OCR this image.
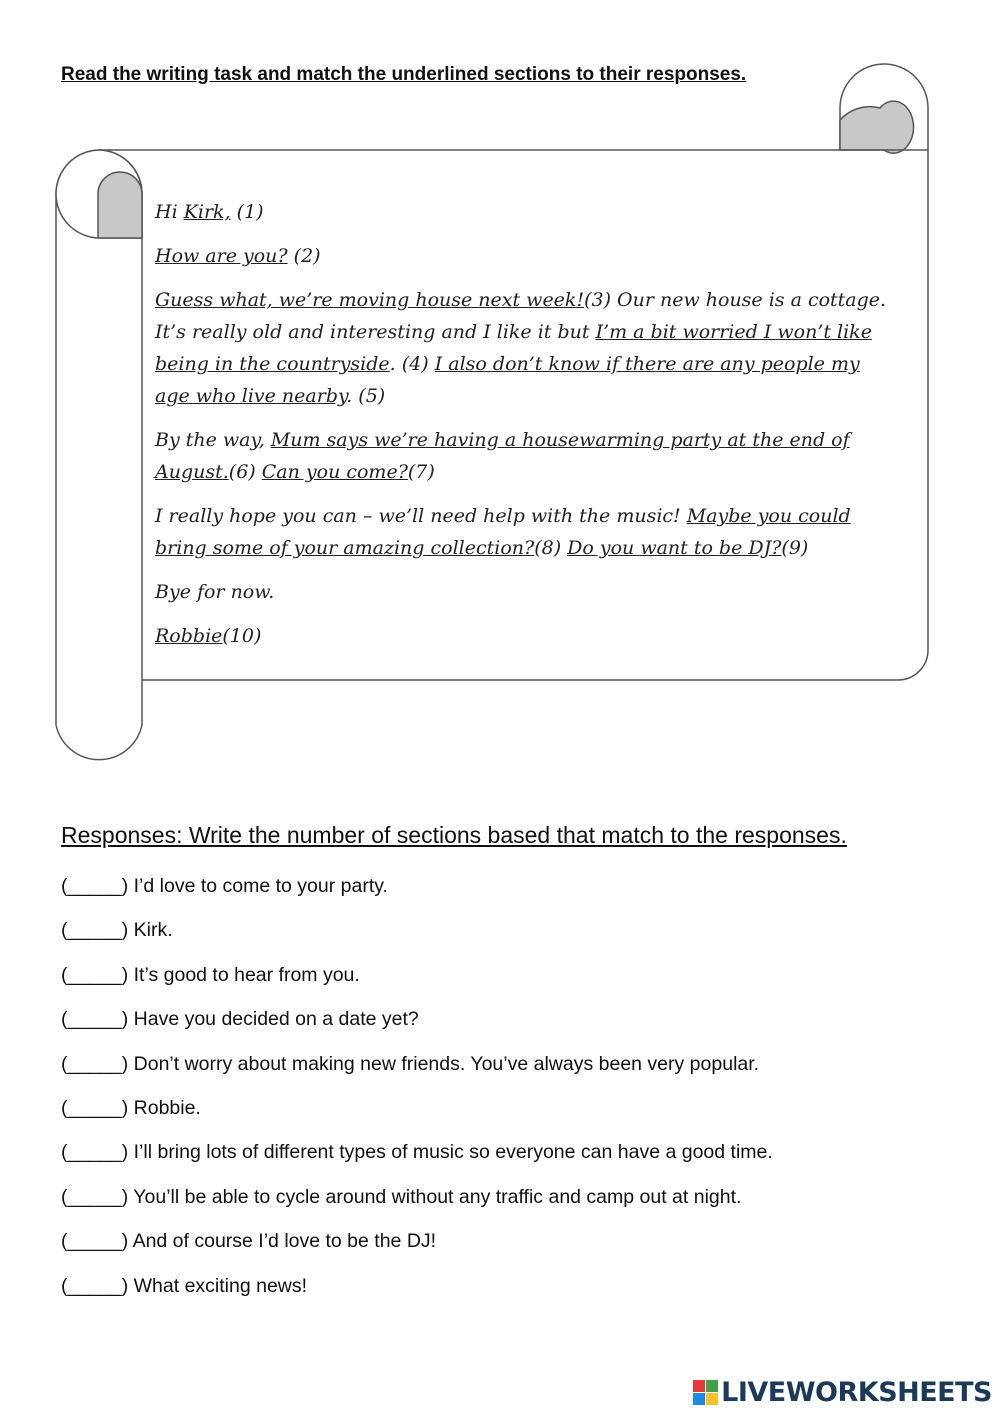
Read the writing task and match the underlined sections to their responses.

Hi Kirk, (1)

How are you? (2)

Guess what, we’re moving house next week!(3) Our new house is a cottage. It’s really old and interesting and I like it but I’m a bit worried I won’t like being in the countryside. (4) I also don’t know if there are any people my age who live nearby. (5)

By the way, Mum says we’re having a housewarming party at the end of August.(6) Can you come?(7)

I really hope you can – we’ll need help with the music! Maybe you could bring some of your amazing collection?(8) Do you want to be DJ?(9)

Bye for now.

Robbie(10)

Responses: Write the number of sections based that match to the responses.
(_____) I’d love to come to your party.
(_____) Kirk.
(_____) It’s good to hear from you.
(_____) Have you decided on a date yet?
(_____) Don’t worry about making new friends. You’ve always been very popular.
(_____) Robbie.
(_____) I’ll bring lots of different types of music so everyone can have a good time.
(_____) You’ll be able to cycle around without any traffic and camp out at night.
(_____) And of course I’d love to be the DJ!
(_____) What exciting news!
LIVEWORKSHEETS
